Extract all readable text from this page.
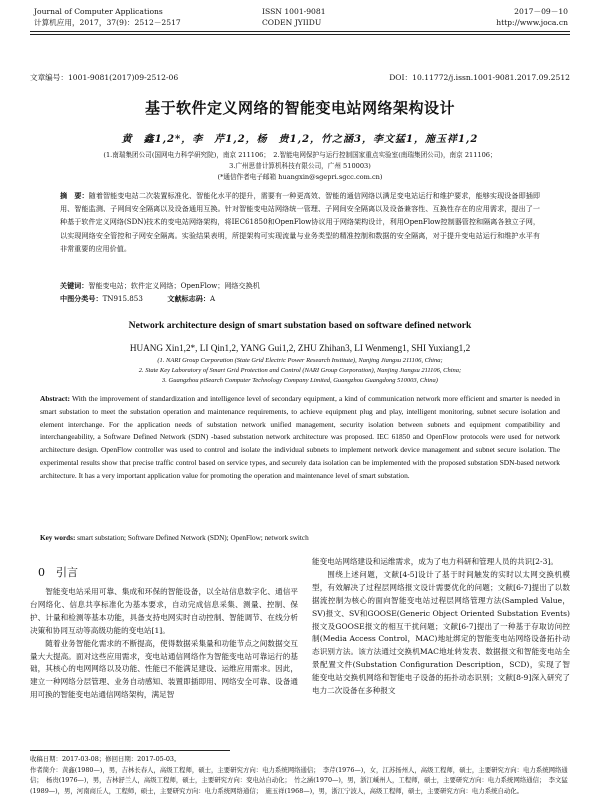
Journal of Computer Applications
计算机应用，2017，37(9)：2512－2517
ISSN 1001-9081
CODEN JYIIDU
2017－09－10
http://www.joca.cn
文章编号：1001-9081(2017)09-2512-06	DOI：10.11772/j.issn.1001-9081.2017.09.2512
基于软件定义网络的智能变电站网络架构设计
黄　鑫1,2*，李　芹1,2，杨　贵1,2，竹之涵3，李文猛1，施玉祥1,2
(1.南瑞集团公司(国网电力科学研究院)，南京 211106；　2.智能电网保护与运行控制国家重点实验室(南瑞集团公司)，南京 211106；
3.广州思普计算机科技有限公司，广州 510003)
(*通信作者电子邮箱 huangxin@sgepri.sgcc.com.cn)
摘　要：随着智能变电站二次装置标准化、智能化水平的提升，需要有一种更高效、智能的通信网络以满足变电站运行和维护要求，能够实现设备即插即用、智能监测、子网间安全隔离以及设备通用互换。针对智能变电站网络统一管理、子网间安全隔离以及设备兼容性、互换性存在的应用需求，提出了一种基于软件定义网络(SDN)技术的变电站网络架构，将IEC61850和OpenFlow协议用于网络架构设计，利用OpenFlow控制器管控和隔离各独立子网，以实现网络安全管控和子网安全隔离。实验结果表明，所提架构可实现流量与业务类型的精准控制和数据的安全隔离，对于提升变电站运行和维护水平有非常重要的应用价值。
关键词：智能变电站；软件定义网络；OpenFlow；网络交换机
中图分类号：TN915.853	文献标志码：A
Network architecture design of smart substation based on software defined network
HUANG Xin1,2*, LI Qin1,2, YANG Gui1,2, ZHU Zhihan3, LI Wenmeng1, SHI Yuxiang1,2
(1. NARI Group Corporation (State Grid Electric Power Research Institute), Nanjing Jiangsu 211106, China;
2. State Key Laboratory of Smart Grid Protection and Control (NARI Group Corporation), Nanjing Jiangsu 211106, China;
3. Guangzhou piSearch Computer Technology Company Limited, Guangzhou Guangdong 510003, China)
Abstract: With the improvement of standardization and intelligence level of secondary equipment, a kind of communication network more efficient and smarter is needed in smart substation to meet the substation operation and maintenance requirements, to achieve equipment plug and play, intelligent monitoring, subnet secure isolation and element interchange. For the application needs of substation network unified management, security isolation between subnets and equipment compatibility and interchangeability, a Software Defined Network (SDN) -based substation network architecture was proposed. IEC 61850 and OpenFlow protocols were used for network architecture design. OpenFlow controller was used to control and isolate the individual subnets to implement network device management and subnet secure isolation. The experimental results show that precise traffic control based on service types, and securely data isolation can be implemented with the proposed substation SDN-based network architecture. It has a very important application value for promoting the operation and maintenance level of smart substation.
Key words: smart substation; Software Defined Network (SDN); OpenFlow; network switch
0　引言
智能变电站采用可靠、集成和环保的智能设备，以全站信息数字化、通信平台网络化、信息共享标准化为基本要求，自动完成信息采集、测量、控制、保护、计量和检测等基本功能，具备支持电网实时自动控制、智能调节、在线分析决策和协同互动等高级功能的变电站[1]。
随着业务智能化需求的不断提高，使得数据采集量和功能节点之间数据交互量大大提高。面对这些应用需求，变电站通信网络作为智能变电站可靠运行的基础，其核心的电网网络以及功能、性能已不能满足建设、运维应用需求。因此，建立一种网络分层管理、业务自动感知、装置即插即用、网络安全可靠、设备通用可换的智能变电站通信网络架构，满足智
能变电站网络建设和运维需求，成为了电力科研和管理人员的共识[2-3]。
围绕上述问题，文献[4-5]设计了基于时间触发的实时以太网交换机模型，有效解决了过程层网络报文设计需要优化的问题；文献[6-7]提出了以数据流控制为核心的面向智能变电站过程层网络管理方法(Sampled Value，SV)报文、SV和GOOSE(Generic Object Oriented Substation Events)报文及GOOSE报文的相互干扰问题；文献[6-7]提出了一种基于存取访问控制(Media Access Control，MAC)地址绑定的智能变电站网络设备拓扑动态识别方法。该方法通过交换机MAC地址转发表、数据报文和智能变电站全景配置文件(Substation Configuration Description，SCD)，实现了智能变电站交换机网络和智能电子设备的拓扑动态识别；文献[8-9]深入研究了电力二次设备在多种报文
收稿日期：2017-03-08；修回日期：2017-05-03。
作者简介：黄鑫(1980—)，男，吉林长春人，高级工程师，硕士，主要研究方向：电力系统网络通信；　李芹(1976—)，女，江苏扬州人，高级工程师，硕士，主要研究方向：电力系统网络通信；　杨贵(1976—)，男，吉林舒兰人，高级工程师，硕士，主要研究方向：变电站自动化；　竹之涵(1970—)，男，浙江嵊州人，工程师，硕士，主要研究方向：电力系统网络通信；　李文猛(1989—)，男，河南商丘人，工程师，硕士，主要研究方向：电力系统网络通信；　施玉祥(1968—)，男，浙江宁波人，高级工程师，硕士，主要研究方向：电力系统自动化。
